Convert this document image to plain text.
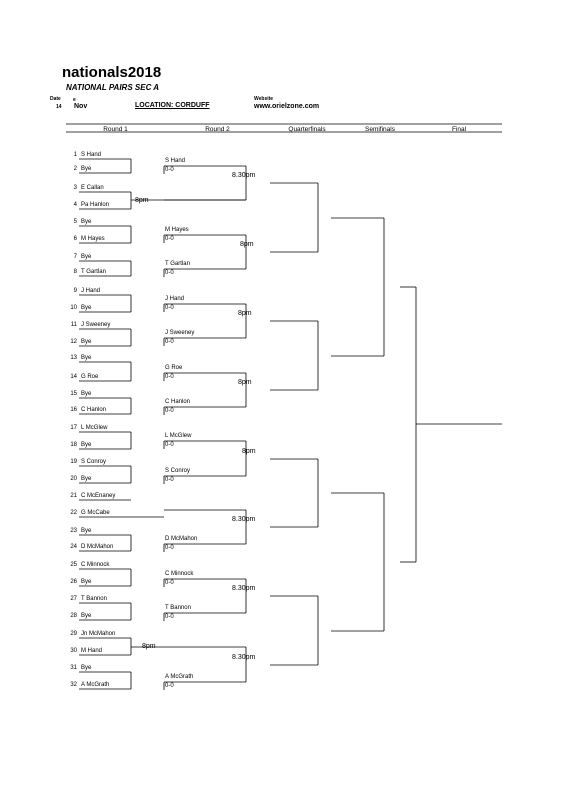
nationals2018
NATIONAL PAIRS SEC A
Date
14
e
Nov	LOCATION: CORDUFF
Website
www.orielzone.com
Round 1	Round 2	Quarterfinals	Semifinals	Final
1 S Hand
2 Bye
3 E Callan
4 Pa Hanlon
5 Bye
6 M Hayes
7 Bye
8 T Gartlan
9 J Hand
10 Bye
11 J Sweeney
12 Bye
13 Bye
14 G Roe
15 Bye
16 C Hanlon
17 L McGlew
18 Bye
19 S Conroy
20 Bye
21 C McEnaney
22 G McCabe
23 Bye
24 D McMahon
25 C Minnock
26 Bye
27 T Bannon
28 Bye
29 Jn McMahon
30 M Hand
31 Bye
32 A McGrath
8pm
8pm
S Hand
0-0
M Hayes
0-0
T Gartlan
0-0
J Hand
0-0
J Sweeney
0-0
G Roe
0-0
C Hanlon
0-0
L McGlew
0-0
S Conroy
0-0
D McMahon
0-0
C Minnock
0-0
T Bannon
0-0
A McGrath
0-0
8.30pm
8pm
8pm
8pm
8pm
8.30pm
8.30pm
8.30pm
